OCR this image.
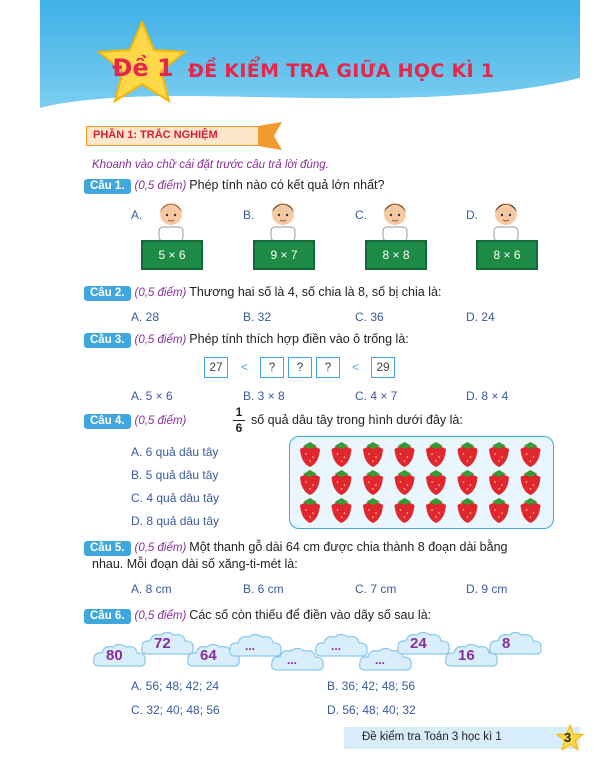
Đề 1 ĐỀ KIỂM TRA GIỮA HỌC KÌ 1
PHẦN 1: TRẮC NGHIỆM
Khoanh vào chữ cái đặt trước câu trả lời đúng.
Câu 1. (0,5 điểm) Phép tính nào có kết quả lớn nhất?
A.
5 × 6
B.
9 × 7
C.
8 × 8
D.
8 × 6
Câu 2. (0,5 điểm) Thương hai số là 4, số chia là 8, số bị chia là:
A. 28	B. 32	C. 36	D. 24
Câu 3. (0,5 điểm) Phép tính thích hợp điền vào ô trống là:
27	<	?	?	?	<	29
A. 5 × 6	B. 3 × 8	C. 4 × 7	D. 8 × 4
Câu 4. (0,5 điểm)
1
6
số quả dâu tây trong hình dưới đây là:
A. 6 quả dâu tây
B. 5 quả dâu tây
C. 4 quả dâu tây
D. 8 quả dâu tây
Câu 5. (0,5 điểm) Một thanh gỗ dài 64 cm được chia thành 8 đoạn dài bằng
nhau. Mỗi đoạn dài số xăng-ti-mét là:
A. 8 cm	B. 6 cm	C. 7 cm	D. 9 cm
Câu 6. (0,5 điểm) Các số còn thiếu để điền vào dãy số sau là:
80
72
64
...
...
...
...
24
16
8
A. 56; 48; 42; 24	B. 36; 42; 48; 56
C. 32; 40; 48; 56	D. 56; 48; 40; 32
Đề kiểm tra Toán 3 học kì 1	3
